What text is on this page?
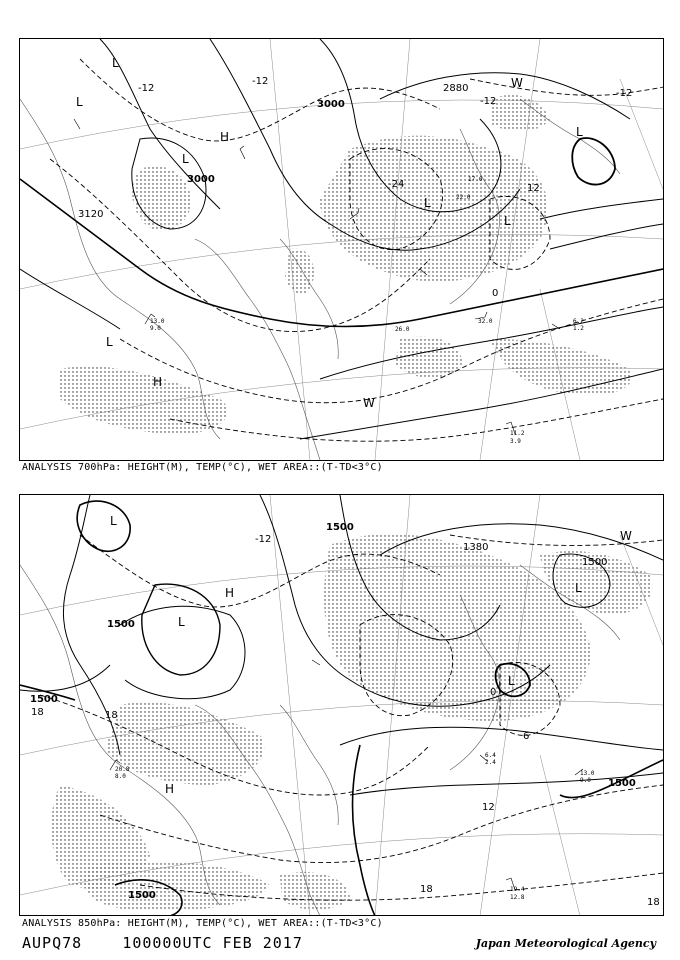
11.2
3.9
6.2
1.2
32.0
26.0
13.0
9.0
22.0
17.0
3000
3000
3120
2880
-12
-12
-12
-24	12
0
-12
L
L
L
L
L
L
L
H
H
W
W
ANALYSIS 700hPa: HEIGHT(M), TEMP(°C), WET AREA::(T-TD<3°C)
19.4
12.8
13.0
9.0
20.8
8.0
6.4
2.4
1500
1500
1500
1500
1500
1380
1500
-12
18	18
12
18
0
6
18
L
L
L
L
H
H
W
ANALYSIS 850hPa: HEIGHT(M), TEMP(°C), WET AREA::(T-TD<3°C)
AUPQ78	100000UTC FEB 2017	Japan Meteorological Agency
